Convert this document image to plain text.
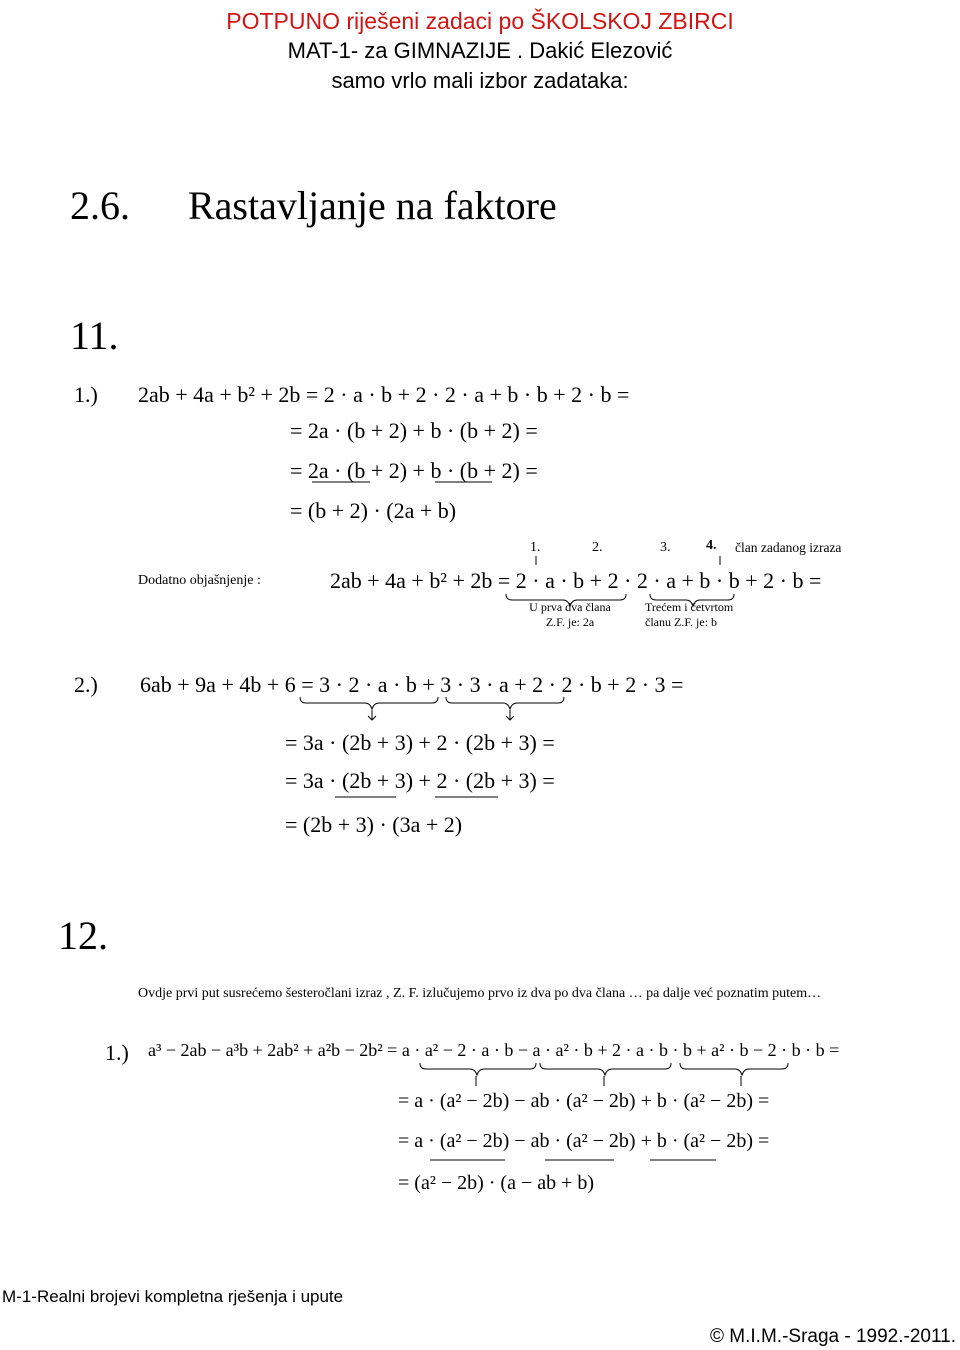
POTPUNO riješeni zadaci po ŠKOLSKOJ ZBIRCI
MAT-1- za GIMNAZIJE . Dakić Elezović
samo vrlo mali izbor zadataka:
2.6. Rastavljanje na faktore
11.
1.) 2ab + 4a + b² + 2b = 2 · a · b + 2 · 2 · a + b · b + 2 · b =
= 2a · (b + 2) + b · (b + 2) =
= 2a · (b + 2) + b · (b + 2) =
= (b + 2) · (2a + b)
1.	2.	3.	4. član zadanog izraza
Dodatno objašnjenje :	2ab + 4a + b² + 2b = 2 · a · b + 2 · 2 · a + b · b + 2 · b =
U prva dva člana
Z.F. je: 2a
Trećem i četvrtom
članu Z.F. je: b
2.) 6ab + 9a + 4b + 6 = 3 · 2 · a · b + 3 · 3 · a + 2 · 2 · b + 2 · 3 =
= 3a · (2b + 3) + 2 · (2b + 3) =
= 3a · (2b + 3) + 2 · (2b + 3) =
= (2b + 3) · (3a + 2)
12.
Ovdje prvi put susrećemo šesteročlani izraz , Z. F. izlučujemo prvo iz dva po dva člana … pa dalje već poznatim putem…
1.) a³ − 2ab − a³b + 2ab² + a²b − 2b² = a · a² − 2 · a · b − a · a² · b + 2 · a · b · b + a² · b − 2 · b · b =
= a · (a² − 2b) − ab · (a² − 2b) + b · (a² − 2b) =
= a · (a² − 2b) − ab · (a² − 2b) + b · (a² − 2b) =
= (a² − 2b) · (a − ab + b)
M-1-Realni brojevi kompletna rješenja i upute
© M.I.M.-Sraga - 1992.-2011.
